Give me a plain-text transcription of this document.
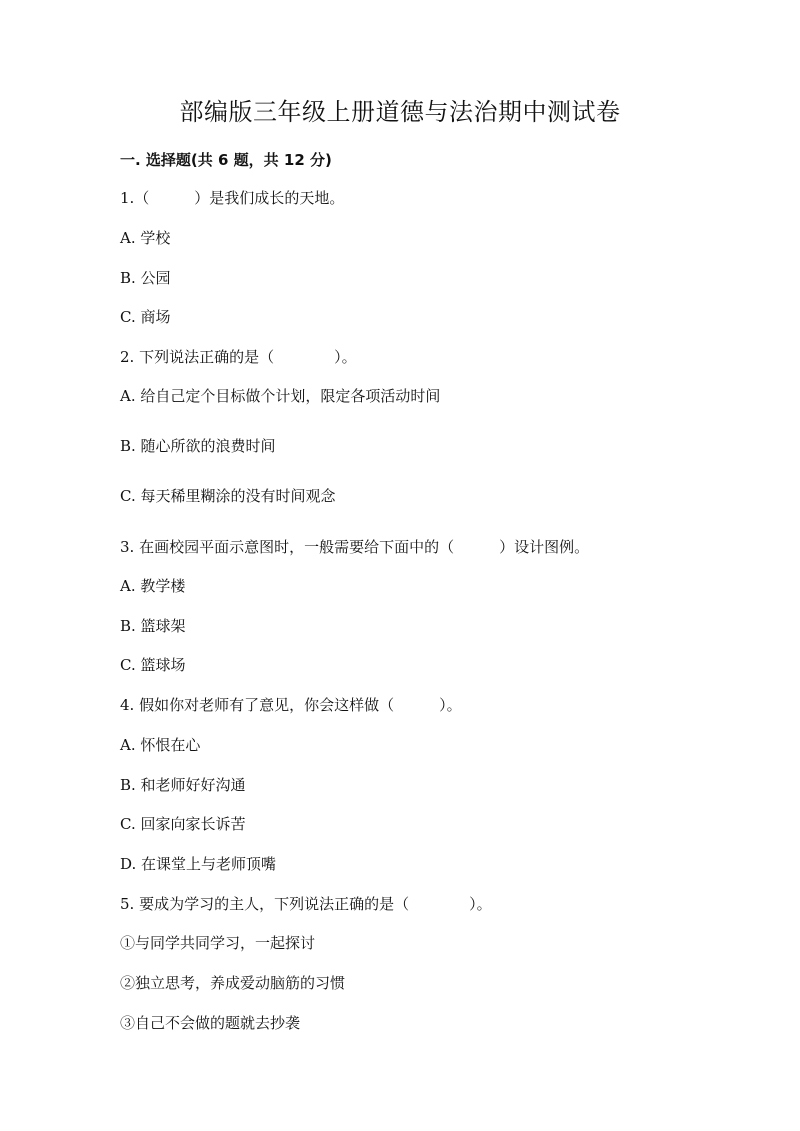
部编版三年级上册道德与法治期中测试卷
一. 选择题(共 6 题，共 12 分)
1.（　　　）是我们成长的天地。
A. 学校
B. 公园
C. 商场
2. 下列说法正确的是（　　　　）。
A. 给自己定个目标做个计划，限定各项活动时间
B. 随心所欲的浪费时间
C. 每天稀里糊涂的没有时间观念
3. 在画校园平面示意图时，一般需要给下面中的（　　　）设计图例。
A. 教学楼
B. 篮球架
C. 篮球场
4. 假如你对老师有了意见，你会这样做（　　　）。
A. 怀恨在心
B. 和老师好好沟通
C. 回家向家长诉苦
D. 在课堂上与老师顶嘴
5. 要成为学习的主人，下列说法正确的是（　　　　）。
①与同学共同学习，一起探讨
②独立思考，养成爱动脑筋的习惯
③自己不会做的题就去抄袭
